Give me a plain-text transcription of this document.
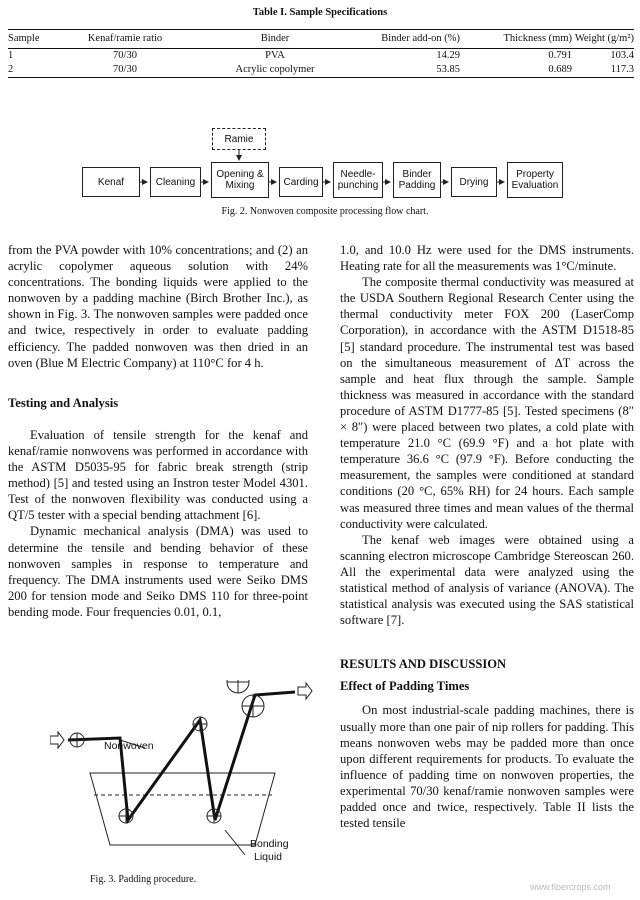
Table I. Sample Specifications
Sample	Kenaf/ramie ratio	Binder	Binder add-on (%)	Thickness (mm) Weight (g/m²)
1	70/30	PVA	14.29	0.791	103.4
2	70/30	Acrylic copolymer	53.85	0.689	117.3
Ramie
Kenaf	Cleaning
Opening & Mixing	Carding
Needle-punching
Binder Padding	Drying
Property Evaluation
Fig. 2. Nonwoven composite processing flow chart.

from the PVA powder with 10% concentrations; and (2) an acrylic copolymer aqueous solution with 24% concentrations. The bonding liquids were applied to the nonwoven by a padding machine (Birch Brother Inc.), as shown in Fig. 3. The nonwoven samples were padded once and twice, respectively in order to evaluate padding efficiency. The padded nonwoven was then dried in an oven (Blue M Electric Company) at 110°C for 4 h.

Testing and Analysis

Evaluation of tensile strength for the kenaf and kenaf/ramie nonwovens was performed in accordance with the ASTM D5035-95 for fabric break strength (strip method) [5] and tested using an Instron tester Model 4301. Test of the nonwoven flexibility was conducted using a QT/5 tester with a special bending attachment [6].

Dynamic mechanical analysis (DMA) was used to determine the tensile and bending behavior of these nonwoven samples in response to temperature and frequency. The DMA instruments used were Seiko DMS 200 for tension mode and Seiko DMS 110 for three-point bending mode. Four frequencies 0.01, 0.1,

Nonwoven
Bonding
Liquid
Fig. 3. Padding procedure.

1.0, and 10.0 Hz were used for the DMS instruments. Heating rate for all the measurements was 1°C/minute.

The composite thermal conductivity was measured at the USDA Southern Regional Research Center using the thermal conductivity meter FOX 200 (LaserComp Corporation), in accordance with the ASTM D1518-85 [5] standard procedure. The instrumental test was based on the simultaneous measurement of ΔT across the sample and heat flux through the sample. Sample thickness was measured in accordance with the standard procedure of ASTM D1777-85 [5]. Tested specimens (8″ × 8″) were placed between two plates, a cold plate with temperature 21.0 °C (69.9 °F) and a hot plate with temperature 36.6 °C (97.9 °F). Before conducting the measurement, the samples were conditioned at standard conditions (20 °C, 65% RH) for 24 hours. Each sample was measured three times and mean values of the thermal conductivity were calculated.

The kenaf web images were obtained using a scanning electron microscope Cambridge Stereoscan 260. All the experimental data were analyzed using the statistical method of analysis of variance (ANOVA). The statistical analysis was executed using the SAS statistical software [7].

RESULTS AND DISCUSSION

Effect of Padding Times

On most industrial-scale padding machines, there is usually more than one pair of nip rollers for padding. This means nonwoven webs may be padded more than once upon different requirements for products. To evaluate the influence of padding time on nonwoven properties, the experimental 70/30 kenaf/ramie nonwoven samples were padded once and twice, respectively. Table II lists the tested tensile

www.fibercrops.com
